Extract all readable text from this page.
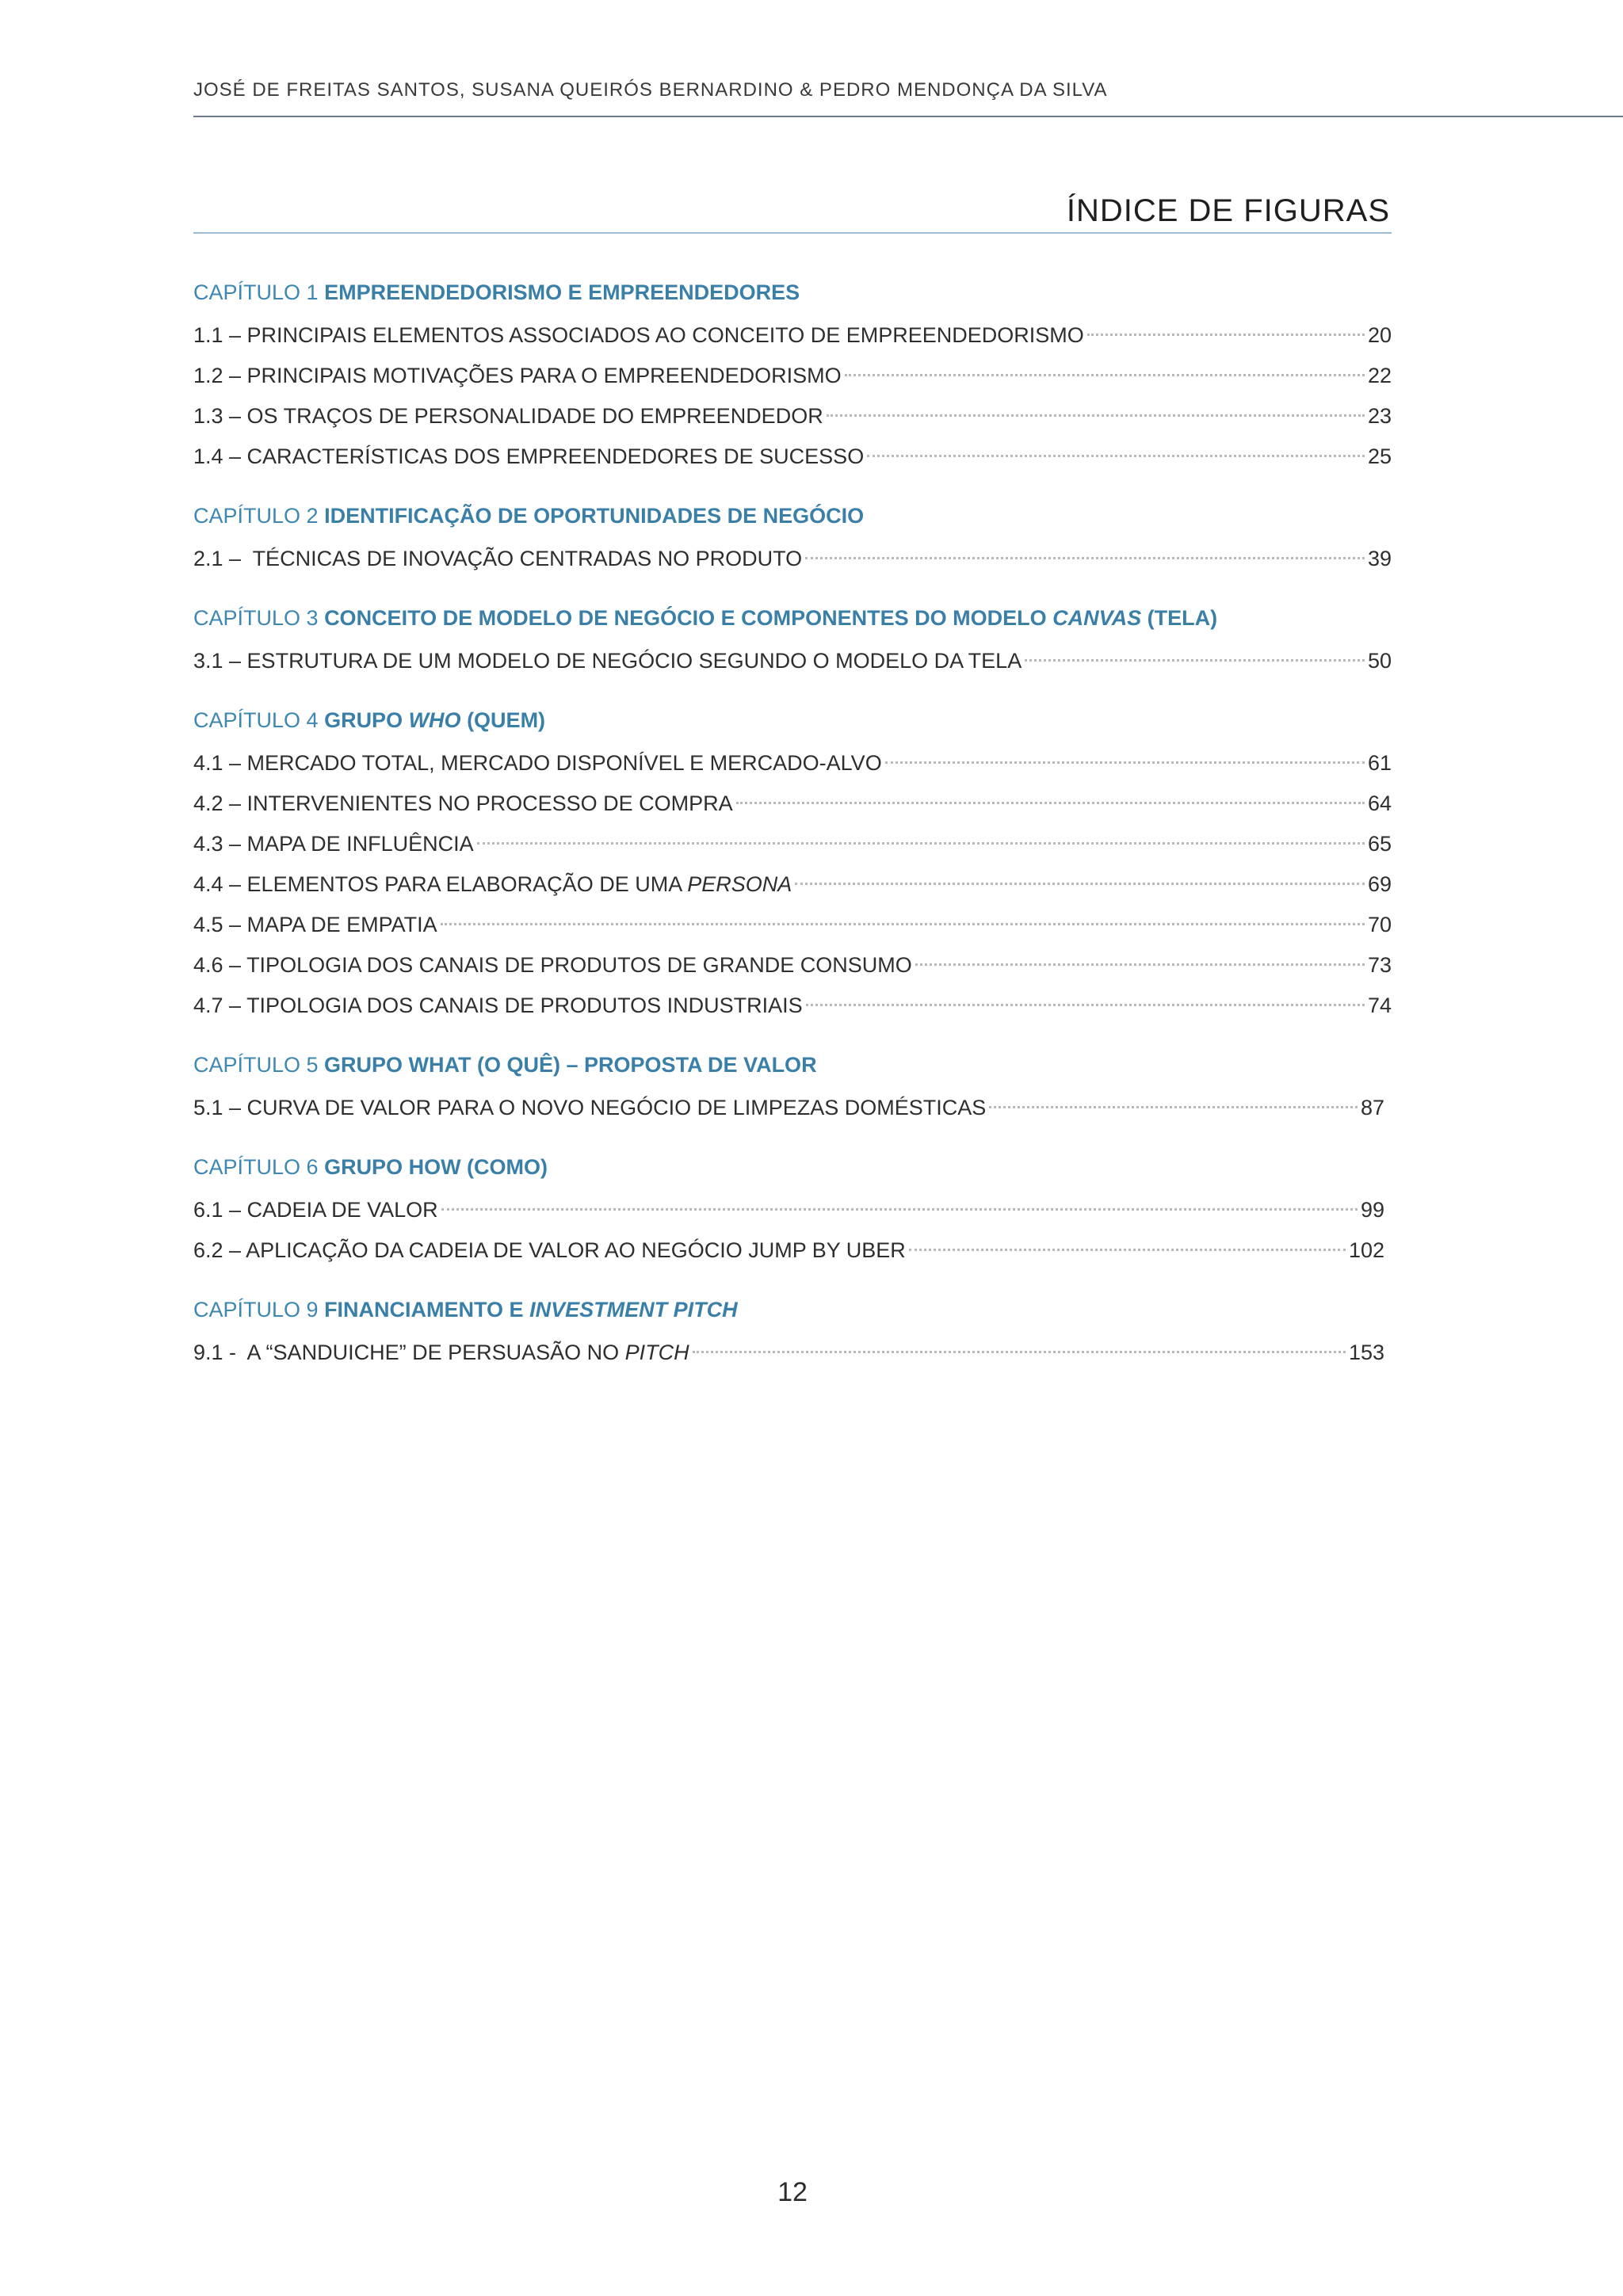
JOSÉ DE FREITAS SANTOS, SUSANA QUEIRÓS BERNARDINO & PEDRO MENDONÇA DA SILVA
ÍNDICE DE FIGURAS
CAPÍTULO 1 EMPREENDEDORISMO E EMPREENDEDORES
1.1 – PRINCIPAIS ELEMENTOS ASSOCIADOS AO CONCEITO DE EMPREENDEDORISMO	20
1.2 – PRINCIPAIS MOTIVAÇÕES PARA O EMPREENDEDORISMO	22
1.3 – OS TRAÇOS DE PERSONALIDADE DO EMPREENDEDOR	23
1.4 – CARACTERÍSTICAS DOS EMPREENDEDORES DE SUCESSO	25
CAPÍTULO 2 IDENTIFICAÇÃO DE OPORTUNIDADES DE NEGÓCIO
2.1 –  TÉCNICAS DE INOVAÇÃO CENTRADAS NO PRODUTO	39
CAPÍTULO 3 CONCEITO DE MODELO DE NEGÓCIO E COMPONENTES DO MODELO CANVAS (TELA)
3.1 – ESTRUTURA DE UM MODELO DE NEGÓCIO SEGUNDO O MODELO DA TELA	50
CAPÍTULO 4 GRUPO WHO (QUEM)
4.1 – MERCADO TOTAL, MERCADO DISPONÍVEL E MERCADO-ALVO	61
4.2 – INTERVENIENTES NO PROCESSO DE COMPRA	64
4.3 – MAPA DE INFLUÊNCIA	65
4.4 – ELEMENTOS PARA ELABORAÇÃO DE UMA PERSONA	69
4.5 – MAPA DE EMPATIA	70
4.6 – TIPOLOGIA DOS CANAIS DE PRODUTOS DE GRANDE CONSUMO	73
4.7 – TIPOLOGIA DOS CANAIS DE PRODUTOS INDUSTRIAIS	74
CAPÍTULO 5 GRUPO WHAT (O QUÊ) – PROPOSTA DE VALOR
5.1 – CURVA DE VALOR PARA O NOVO NEGÓCIO DE LIMPEZAS DOMÉSTICAS	87
CAPÍTULO 6 GRUPO HOW (COMO)
6.1 – CADEIA DE VALOR	99
6.2 – APLICAÇÃO DA CADEIA DE VALOR AO NEGÓCIO JUMP BY UBER	102
CAPÍTULO 9 FINANCIAMENTO E INVESTMENT PITCH
9.1 -  A “SANDUICHE” DE PERSUASÃO NO PITCH	153
12
